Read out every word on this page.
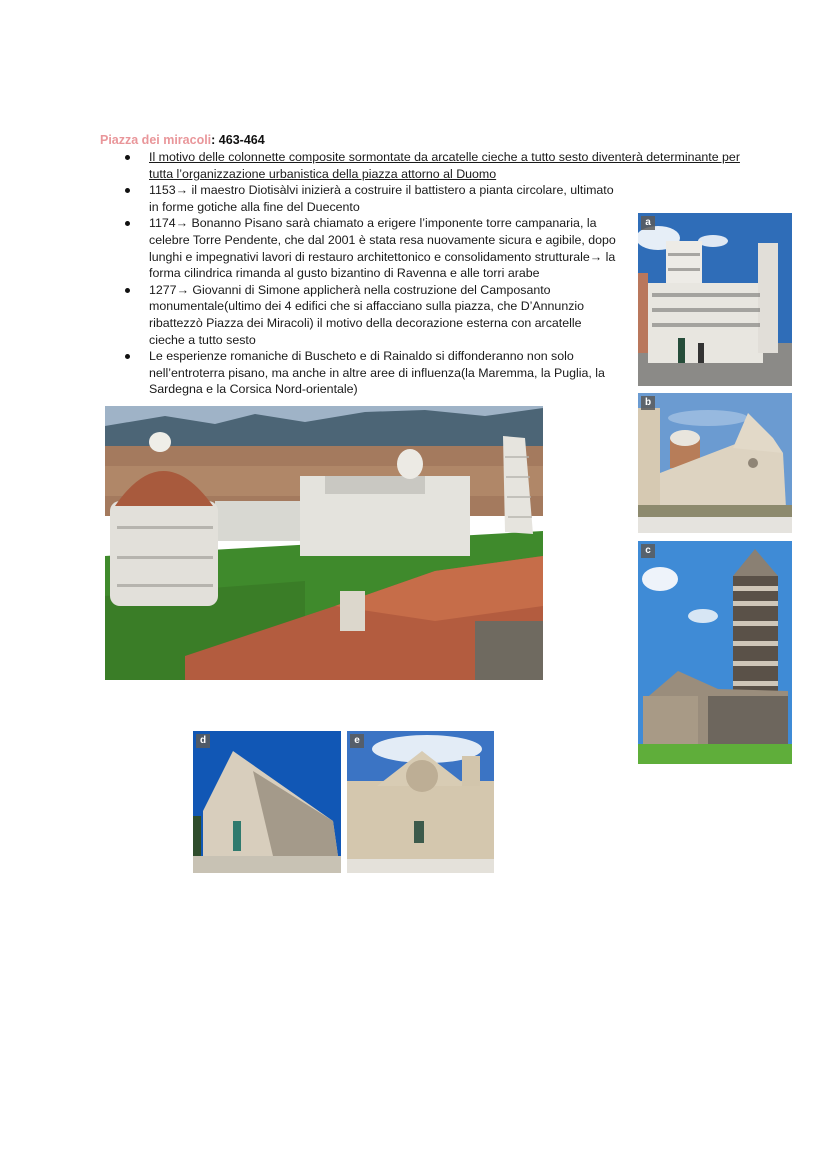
Piazza dei miracoli: 463-464
Il motivo delle colonnette composite sormontate da arcatelle cieche a tutto sesto diventerà determinante per tutta l’organizzazione urbanistica della piazza attorno al Duomo
1153→ il maestro Diotisàlvi inizierà a costruire il battistero a pianta circolare, ultimato in forme gotiche alla fine del Duecento
1174→ Bonanno Pisano sarà chiamato a erigere l’imponente torre campanaria, la celebre Torre Pendente, che dal 2001 è stata resa nuovamente sicura e agibile, dopo lunghi e impegnativi lavori di restauro architettonico e consolidamento strutturale→ la forma cilindrica rimanda al gusto bizantino di Ravenna e alle torri arabe
1277→ Giovanni di Simone applicherà nella costruzione del Camposanto monumentale(ultimo dei 4 edifici che si affacciano sulla piazza, che D’Annunzio ribattezzò Piazza dei Miracoli) il motivo della decorazione esterna con arcatelle cieche a tutto sesto
Le esperienze romaniche di Buscheto e di Rainaldo si diffonderanno non solo nell’entroterra pisano, ma anche in altre aree di influenza(la Maremma, la Puglia, la Sardegna e la Corsica Nord-orientale)
a
b
c
d	e
